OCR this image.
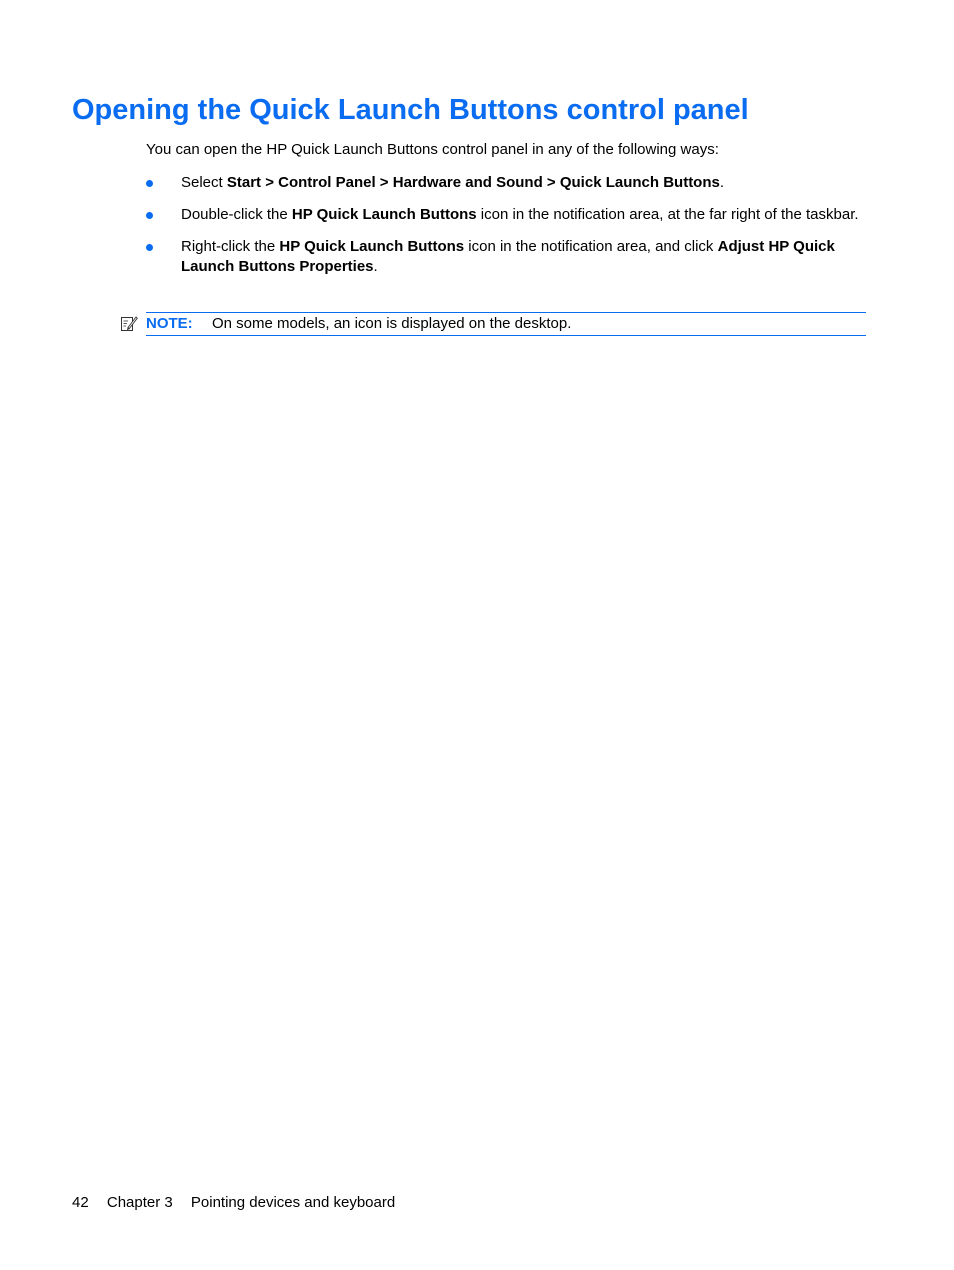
Opening the Quick Launch Buttons control panel

You can open the HP Quick Launch Buttons control panel in any of the following ways:

Select Start > Control Panel > Hardware and Sound > Quick Launch Buttons.
Double-click the HP Quick Launch Buttons icon in the notification area, at the far right of the taskbar.
Right-click the HP Quick Launch Buttons icon in the notification area, and click Adjust HP Quick Launch Buttons Properties.
NOTE: On some models, an icon is displayed on the desktop.
42 Chapter 3 Pointing devices and keyboard
